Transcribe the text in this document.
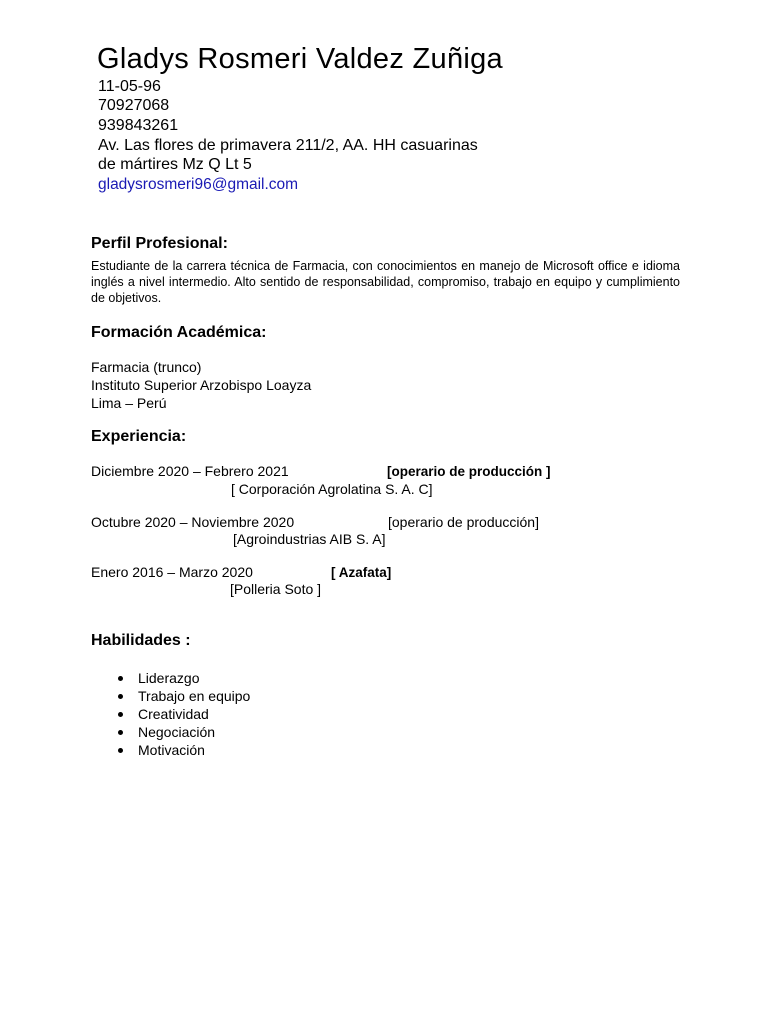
Gladys Rosmeri Valdez Zuñiga
11-05-96
70927068
939843261
Av. Las flores de primavera 211/2, AA. HH casuarinas
de mártires Mz Q Lt 5
gladysrosmeri96@gmail.com
Perfil Profesional:
Estudiante de la carrera técnica de Farmacia, con conocimientos en manejo de Microsoft office e idioma inglés a nivel intermedio. Alto sentido de responsabilidad, compromiso, trabajo en equipo y cumplimiento de objetivos.
Formación Académica:
Farmacia (trunco)
Instituto Superior Arzobispo Loayza
Lima – Perú
Experiencia:
Diciembre 2020 – Febrero 2021	[operario de producción ]
[ Corporación Agrolatina S. A. C]
Octubre 2020 – Noviembre 2020	[operario de producción]
[Agroindustrias AIB S. A]
Enero 2016 – Marzo 2020	[ Azafata]
[Polleria Soto ]
Habilidades :
Liderazgo
Trabajo en equipo
Creatividad
Negociación
Motivación
